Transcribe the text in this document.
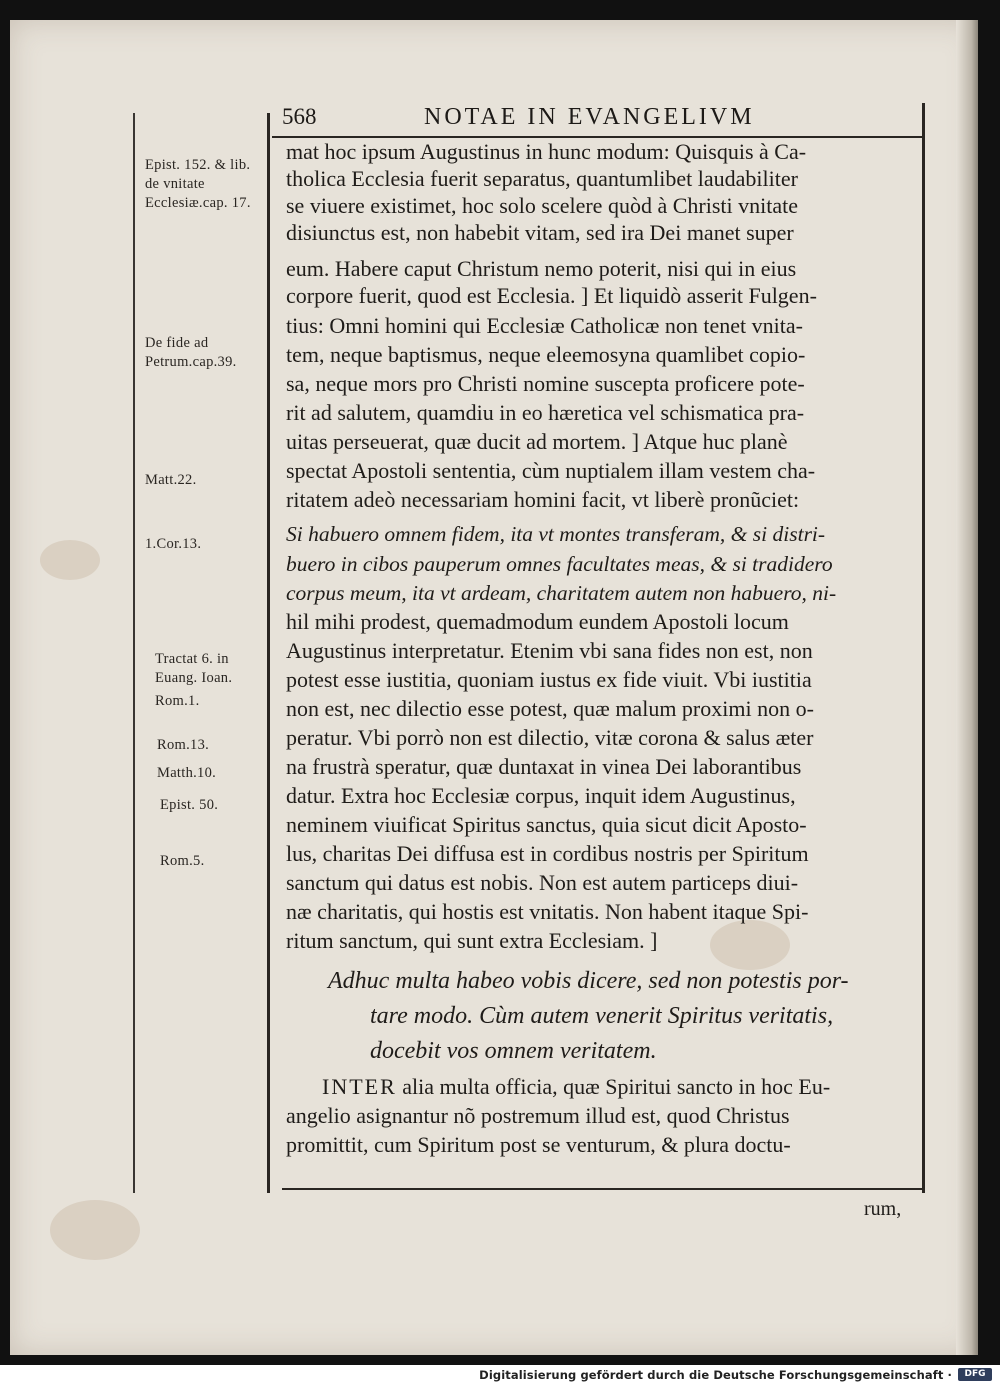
568	NOTAE IN EVANGELIVM
Epist. 152. & lib. de vnitate Ecclesiæ.cap. 17.
De fide ad Petrum.cap.39.
Matt.22.
1.Cor.13.
Tractat 6. in Euang. Ioan.
Rom.1.
Rom.13.
Matth.10.
Epist. 50.
Rom.5.
mat hoc ipsum Augustinus in hunc modum: Quisquis à Ca-
tholica Ecclesia fuerit separatus, quantumlibet laudabiliter
se viuere existimet, hoc solo scelere quòd à Christi vnitate
disiunctus est, non habebit vitam, sed ira Dei manet super
eum. Habere caput Christum nemo poterit, nisi qui in eius
corpore fuerit, quod est Ecclesia. ] Et liquidò asserit Fulgen-
tius: Omni homini qui Ecclesiæ Catholicæ non tenet vnita-
tem, neque baptismus, neque eleemosyna quamlibet copio-
sa, neque mors pro Christi nomine suscepta proficere pote-
rit ad salutem, quamdiu in eo hæretica vel schismatica pra-
uitas perseuerat, quæ ducit ad mortem. ] Atque huc planè
spectat Apostoli sententia, cùm nuptialem illam vestem cha-
ritatem adeò necessariam homini facit, vt liberè pronũciet:
Si habuero omnem fidem, ita vt montes transferam, & si distri-
buero in cibos pauperum omnes facultates meas, & si tradidero
corpus meum, ita vt ardeam, charitatem autem non habuero, ni-
hil mihi prodest, quemadmodum eundem Apostoli locum
Augustinus interpretatur. Etenim vbi sana fides non est, non
potest esse iustitia, quoniam iustus ex fide viuit. Vbi iustitia
non est, nec dilectio esse potest, quæ malum proximi non o-
peratur. Vbi porrò non est dilectio, vitæ corona & salus æter
na frustrà speratur, quæ duntaxat in vinea Dei laborantibus
datur. Extra hoc Ecclesiæ corpus, inquit idem Augustinus,
neminem viuificat Spiritus sanctus, quia sicut dicit Aposto-
lus, charitas Dei diffusa est in cordibus nostris per Spiritum
sanctum qui datus est nobis. Non est autem particeps diui-
næ charitatis, qui hostis est vnitatis. Non habent itaque Spi-
ritum sanctum, qui sunt extra Ecclesiam. ]
Adhuc multa habeo vobis dicere, sed non potestis por-
tare modo. Cùm autem venerit Spiritus veritatis,
docebit vos omnem veritatem.
INTER alia multa officia, quæ Spiritui sancto in hoc Eu-
angelio asignantur nõ postremum illud est, quod Christus
promittit, cum Spiritum post se venturum, & plura doctu-
rum,
Digitalisierung gefördert durch die Deutsche Forschungsgemeinschaft ·	DFG
